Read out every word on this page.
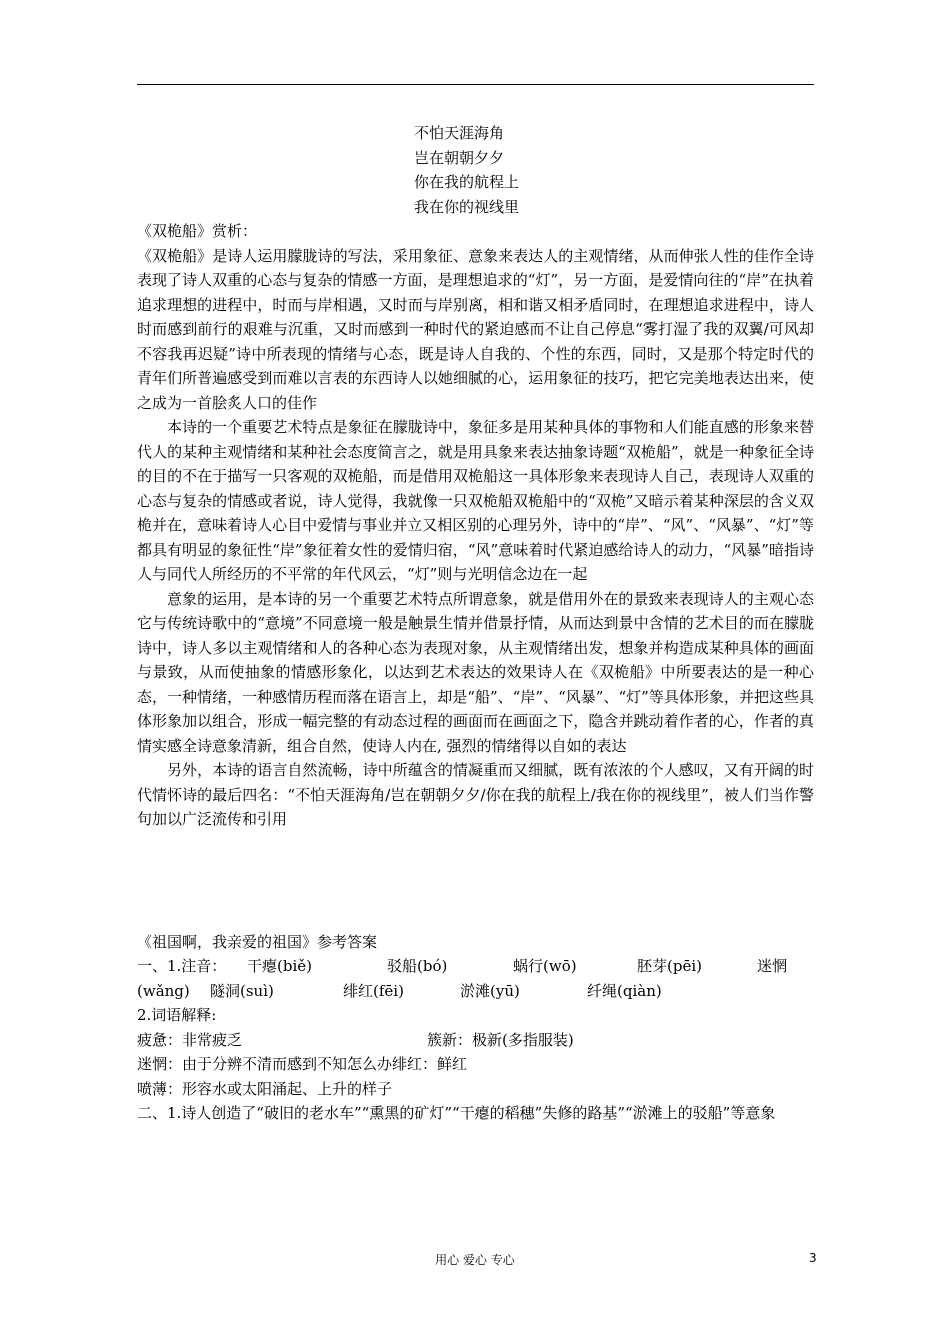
不怕天涯海角
岂在朝朝夕夕
你在我的航程上
我在你的视线里

《双桅船》赏析：

《双桅船》是诗人运用朦胧诗的写法，采用象征、意象来表达人的主观情绪，从而伸张人性的佳作全诗表现了诗人双重的心态与复杂的情感一方面，是理想追求的“灯”，另一方面，是爱情向往的“岸”在执着追求理想的进程中，时而与岸相遇，又时而与岸别离，相和谐又相矛盾同时，在理想追求进程中，诗人时而感到前行的艰难与沉重，又时而感到一种时代的紧迫感而不让自己停息“雾打湿了我的双翼/可风却不容我再迟疑”诗中所表现的情绪与心态，既是诗人自我的、个性的东西，同时，又是那个特定时代的青年们所普遍感受到而难以言表的东西诗人以她细腻的心，运用象征的技巧，把它完美地表达出来，使之成为一首脍炙人口的佳作

本诗的一个重要艺术特点是象征在朦胧诗中，象征多是用某种具体的事物和人们能直感的形象来替代人的某种主观情绪和某种社会态度简言之，就是用具象来表达抽象诗题“双桅船”，就是一种象征全诗的目的不在于描写一只客观的双桅船，而是借用双桅船这一具体形象来表现诗人自己，表现诗人双重的心态与复杂的情感或者说，诗人觉得，我就像一只双桅船双桅船中的“双桅”又暗示着某种深层的含义双桅并在，意味着诗人心目中爱情与事业并立又相区别的心理另外，诗中的“岸”、“风”、“风暴”、“灯”等都具有明显的象征性“岸”象征着女性的爱情归宿，“风”意味着时代紧迫感给诗人的动力，“风暴”暗指诗人与同代人所经历的不平常的年代风云，“灯”则与光明信念边在一起

意象的运用，是本诗的另一个重要艺术特点所谓意象，就是借用外在的景致来表现诗人的主观心态它与传统诗歌中的“意境”不同意境一般是触景生情并借景抒情，从而达到景中含情的艺术目的而在朦胧诗中，诗人多以主观情绪和人的各种心态为表现对象，从主观情绪出发，想象并构造成某种具体的画面与景致，从而使抽象的情感形象化，以达到艺术表达的效果诗人在《双桅船》中所要表达的是一种心态，一种情绪，一种感情历程而落在语言上，却是“船”、“岸”、“风暴”、“灯”等具体形象，并把这些具体形象加以组合，形成一幅完整的有动态过程的画面而在画面之下，隐含并跳动着作者的心，作者的真情实感全诗意象清新，组合自然，使诗人内在, 强烈的情绪得以自如的表达

另外，本诗的语言自然流畅，诗中所蕴含的情凝重而又细腻，既有浓浓的个人感叹，又有开阔的时代情怀诗的最后四名：“不怕天涯海角/岂在朝朝夕夕/你在我的航程上/我在你的视线里”，被人们当作警句加以广泛流传和引用

《祖国啊，我亲爱的祖国》参考答案

一、1.注音：	干瘪(biě)	驳船(bó)	蜗行(wō)	胚芽(pēi)	迷惘
(wǎng)	隧洞(suì)	绯红(fēi)	淤滩(yū)	纤绳(qiàn)

2.词语解释:

疲惫：非常疲乏	簇新：极新(多指服装)

迷惘：由于分辨不清而感到不知怎么办绯红：鲜红

喷薄：形容水或太阳涌起、上升的样子

二、1.诗人创造了“破旧的老水车”“熏黑的矿灯”“干瘪的稻穗”失修的路基”“淤滩上的驳船”等意象

用心 爱心 专心	3
